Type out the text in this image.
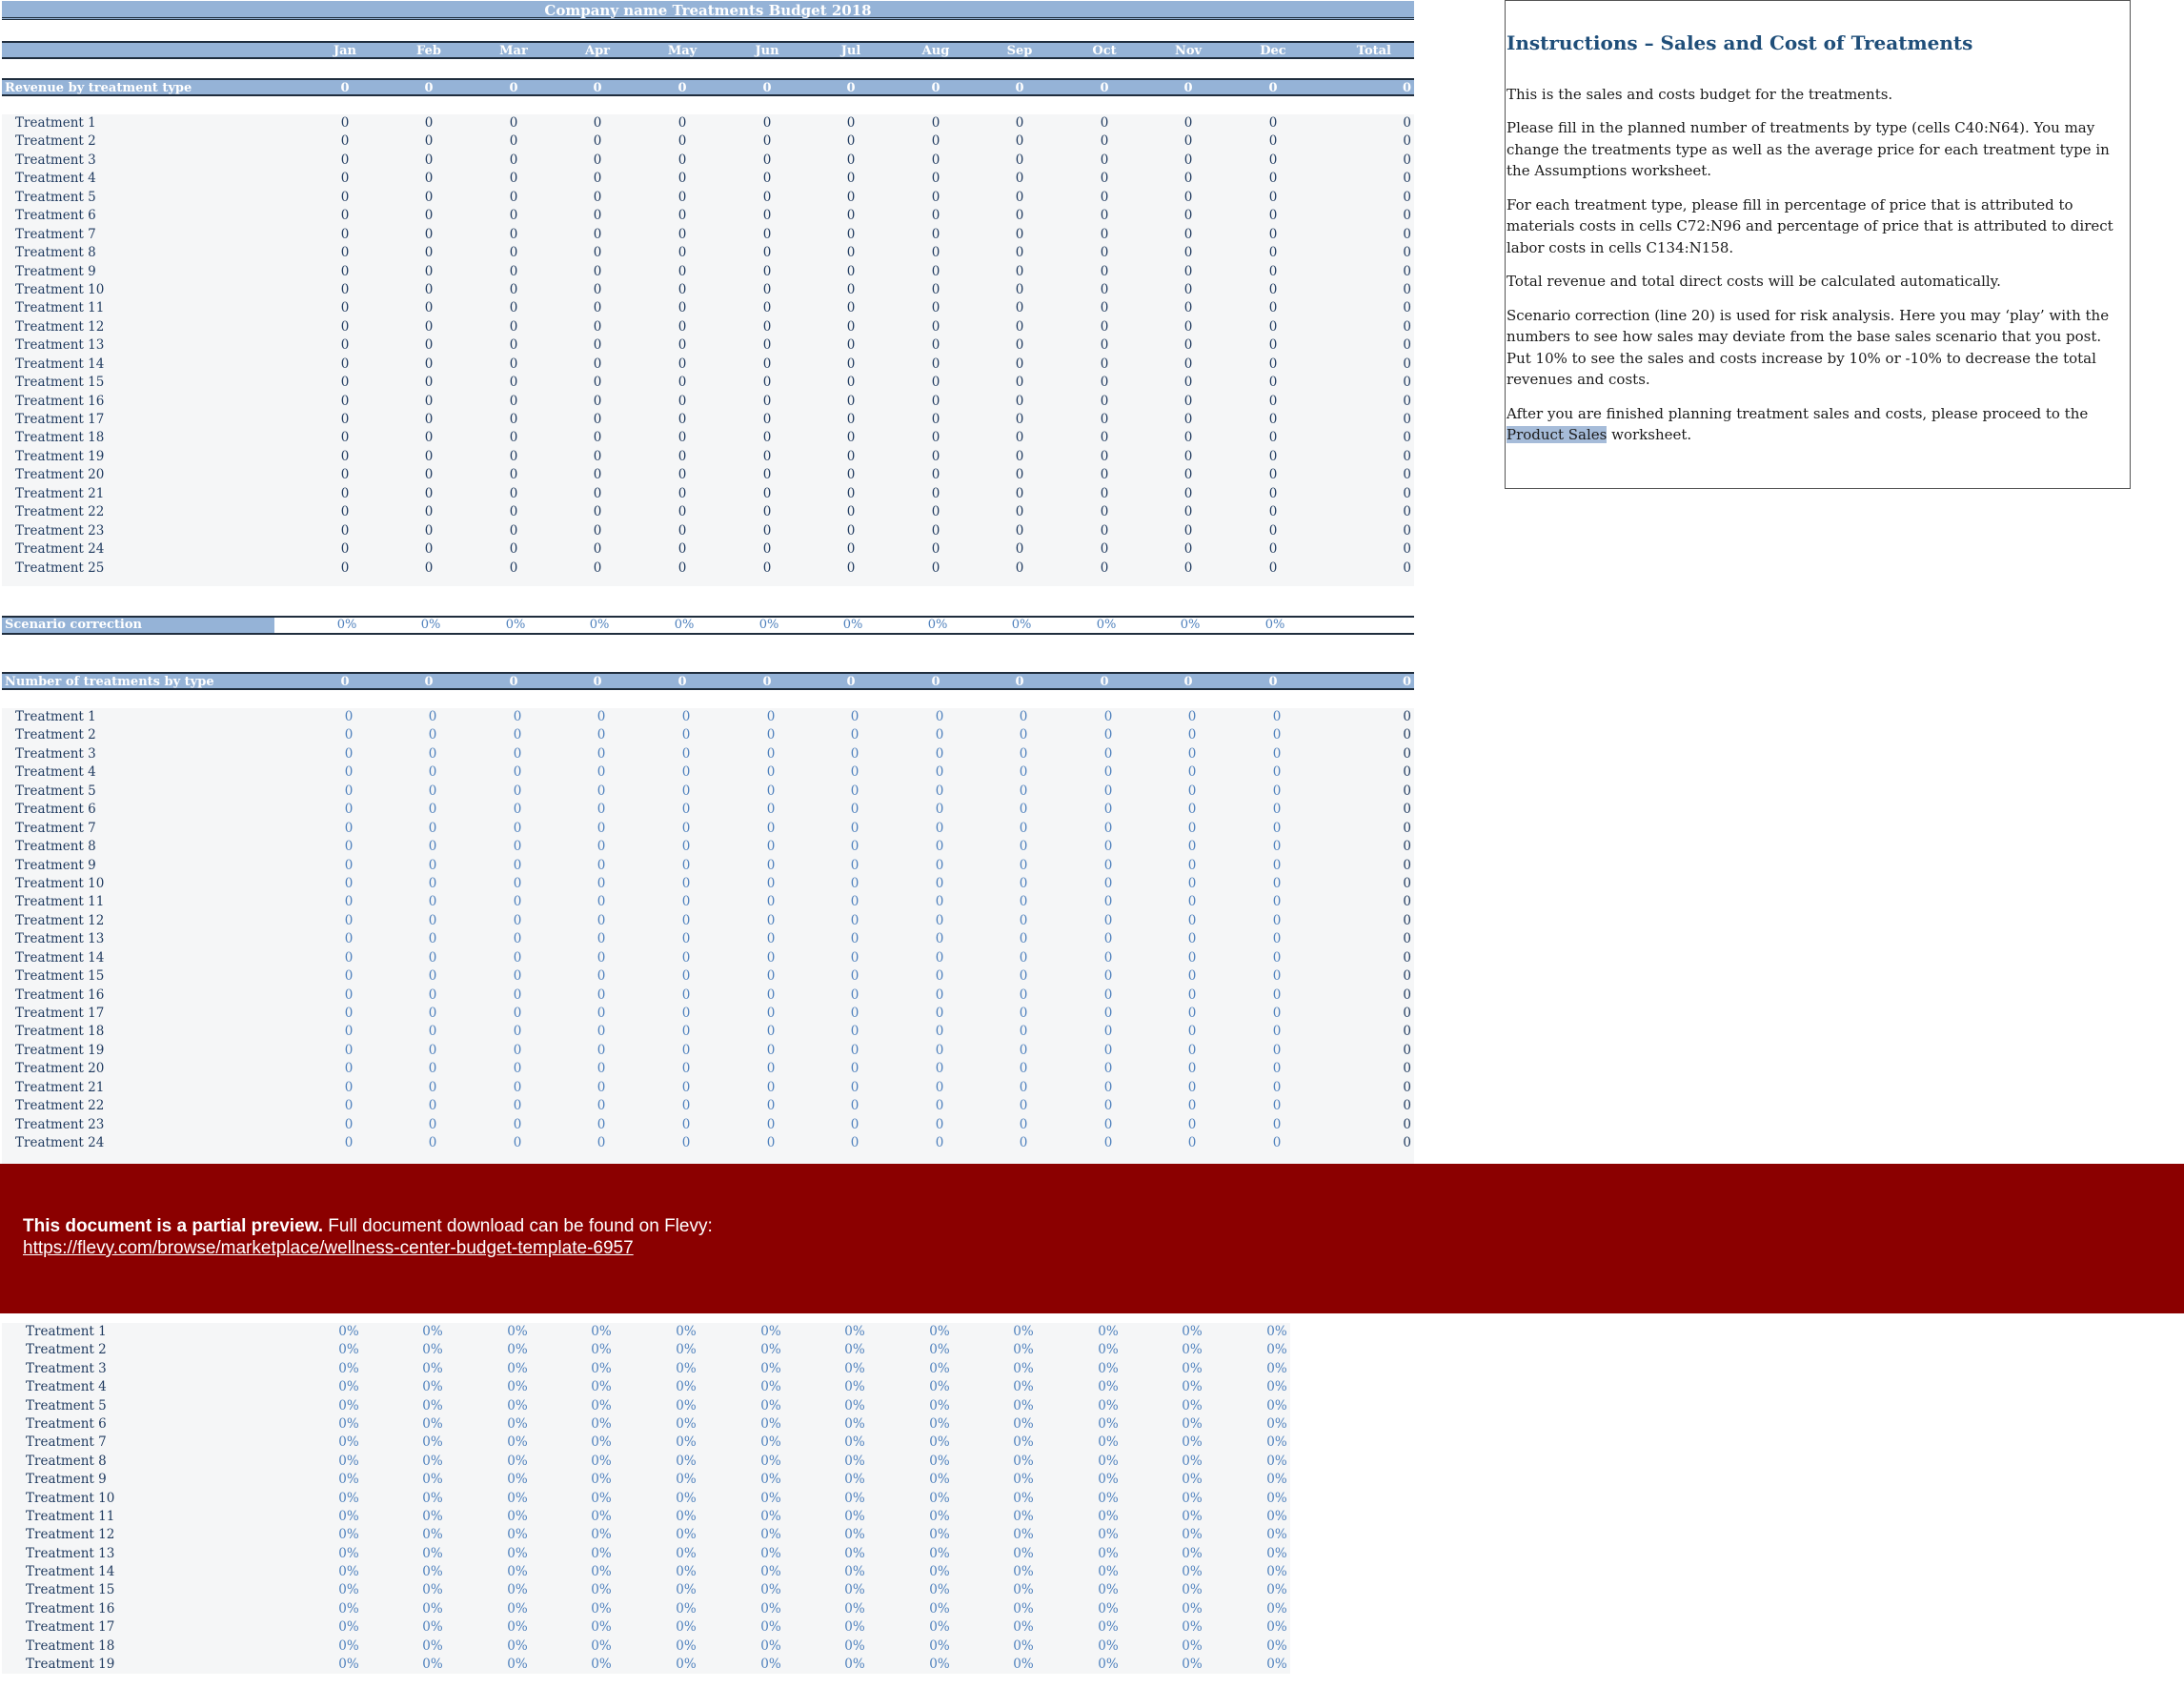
Company name Treatments Budget 2018
Jan	Feb	Mar	Apr	May	Jun	Jul	Aug	Sep	Oct	Nov	Dec	Total
Revenue by treatment type	0	0	0	0	0	0	0	0	0	0	0	0	0
Treatment 1	0	0	0	0	0	0	0	0	0	0	0	0	0
Treatment 2	0	0	0	0	0	0	0	0	0	0	0	0	0
Treatment 3	0	0	0	0	0	0	0	0	0	0	0	0	0
Treatment 4	0	0	0	0	0	0	0	0	0	0	0	0	0
Treatment 5	0	0	0	0	0	0	0	0	0	0	0	0	0
Treatment 6	0	0	0	0	0	0	0	0	0	0	0	0	0
Treatment 7	0	0	0	0	0	0	0	0	0	0	0	0	0
Treatment 8	0	0	0	0	0	0	0	0	0	0	0	0	0
Treatment 9	0	0	0	0	0	0	0	0	0	0	0	0	0
Treatment 10	0	0	0	0	0	0	0	0	0	0	0	0	0
Treatment 11	0	0	0	0	0	0	0	0	0	0	0	0	0
Treatment 12	0	0	0	0	0	0	0	0	0	0	0	0	0
Treatment 13	0	0	0	0	0	0	0	0	0	0	0	0	0
Treatment 14	0	0	0	0	0	0	0	0	0	0	0	0	0
Treatment 15	0	0	0	0	0	0	0	0	0	0	0	0	0
Treatment 16	0	0	0	0	0	0	0	0	0	0	0	0	0
Treatment 17	0	0	0	0	0	0	0	0	0	0	0	0	0
Treatment 18	0	0	0	0	0	0	0	0	0	0	0	0	0
Treatment 19	0	0	0	0	0	0	0	0	0	0	0	0	0
Treatment 20	0	0	0	0	0	0	0	0	0	0	0	0	0
Treatment 21	0	0	0	0	0	0	0	0	0	0	0	0	0
Treatment 22	0	0	0	0	0	0	0	0	0	0	0	0	0
Treatment 23	0	0	0	0	0	0	0	0	0	0	0	0	0
Treatment 24	0	0	0	0	0	0	0	0	0	0	0	0	0
Treatment 25	0	0	0	0	0	0	0	0	0	0	0	0	0
Scenario correction	0%	0%	0%	0%	0%	0%	0%	0%	0%	0%	0%	0%
Number of treatments by type	0	0	0	0	0	0	0	0	0	0	0	0	0
Treatment 1	0	0	0	0	0	0	0	0	0	0	0	0	0
Treatment 2	0	0	0	0	0	0	0	0	0	0	0	0	0
Treatment 3	0	0	0	0	0	0	0	0	0	0	0	0	0
Treatment 4	0	0	0	0	0	0	0	0	0	0	0	0	0
Treatment 5	0	0	0	0	0	0	0	0	0	0	0	0	0
Treatment 6	0	0	0	0	0	0	0	0	0	0	0	0	0
Treatment 7	0	0	0	0	0	0	0	0	0	0	0	0	0
Treatment 8	0	0	0	0	0	0	0	0	0	0	0	0	0
Treatment 9	0	0	0	0	0	0	0	0	0	0	0	0	0
Treatment 10	0	0	0	0	0	0	0	0	0	0	0	0	0
Treatment 11	0	0	0	0	0	0	0	0	0	0	0	0	0
Treatment 12	0	0	0	0	0	0	0	0	0	0	0	0	0
Treatment 13	0	0	0	0	0	0	0	0	0	0	0	0	0
Treatment 14	0	0	0	0	0	0	0	0	0	0	0	0	0
Treatment 15	0	0	0	0	0	0	0	0	0	0	0	0	0
Treatment 16	0	0	0	0	0	0	0	0	0	0	0	0	0
Treatment 17	0	0	0	0	0	0	0	0	0	0	0	0	0
Treatment 18	0	0	0	0	0	0	0	0	0	0	0	0	0
Treatment 19	0	0	0	0	0	0	0	0	0	0	0	0	0
Treatment 20	0	0	0	0	0	0	0	0	0	0	0	0	0
Treatment 21	0	0	0	0	0	0	0	0	0	0	0	0	0
Treatment 22	0	0	0	0	0	0	0	0	0	0	0	0	0
Treatment 23	0	0	0	0	0	0	0	0	0	0	0	0	0
Treatment 24	0	0	0	0	0	0	0	0	0	0	0	0	0
Treatment 1	0%	0%	0%	0%	0%	0%	0%	0%	0%	0%	0%	0%
Treatment 2	0%	0%	0%	0%	0%	0%	0%	0%	0%	0%	0%	0%
Treatment 3	0%	0%	0%	0%	0%	0%	0%	0%	0%	0%	0%	0%
Treatment 4	0%	0%	0%	0%	0%	0%	0%	0%	0%	0%	0%	0%
Treatment 5	0%	0%	0%	0%	0%	0%	0%	0%	0%	0%	0%	0%
Treatment 6	0%	0%	0%	0%	0%	0%	0%	0%	0%	0%	0%	0%
Treatment 7	0%	0%	0%	0%	0%	0%	0%	0%	0%	0%	0%	0%
Treatment 8	0%	0%	0%	0%	0%	0%	0%	0%	0%	0%	0%	0%
Treatment 9	0%	0%	0%	0%	0%	0%	0%	0%	0%	0%	0%	0%
Treatment 10	0%	0%	0%	0%	0%	0%	0%	0%	0%	0%	0%	0%
Treatment 11	0%	0%	0%	0%	0%	0%	0%	0%	0%	0%	0%	0%
Treatment 12	0%	0%	0%	0%	0%	0%	0%	0%	0%	0%	0%	0%
Treatment 13	0%	0%	0%	0%	0%	0%	0%	0%	0%	0%	0%	0%
Treatment 14	0%	0%	0%	0%	0%	0%	0%	0%	0%	0%	0%	0%
Treatment 15	0%	0%	0%	0%	0%	0%	0%	0%	0%	0%	0%	0%
Treatment 16	0%	0%	0%	0%	0%	0%	0%	0%	0%	0%	0%	0%
Treatment 17	0%	0%	0%	0%	0%	0%	0%	0%	0%	0%	0%	0%
Treatment 18	0%	0%	0%	0%	0%	0%	0%	0%	0%	0%	0%	0%
Treatment 19	0%	0%	0%	0%	0%	0%	0%	0%	0%	0%	0%	0%
Instructions – Sales and Cost of Treatments

This is the sales and costs budget for the treatments.

Please fill in the planned number of treatments by type (cells C40:N64). You may change the treatments type as well as the average price for each treatment type in the Assumptions worksheet.

For each treatment type, please fill in percentage of price that is attributed to materials costs in cells C72:N96 and percentage of price that is attributed to direct labor costs in cells C134:N158.

Total revenue and total direct costs will be calculated automatically.

Scenario correction (line 20) is used for risk analysis. Here you may ‘play’ with the numbers to see how sales may deviate from the base sales scenario that you post. Put 10% to see the sales and costs increase by 10% or -10% to decrease the total revenues and costs.

After you are finished planning treatment sales and costs, please proceed to the Product Sales worksheet.

This document is a partial preview. Full document download can be found on Flevy:
https://flevy.com/browse/marketplace/wellness-center-budget-template-6957
